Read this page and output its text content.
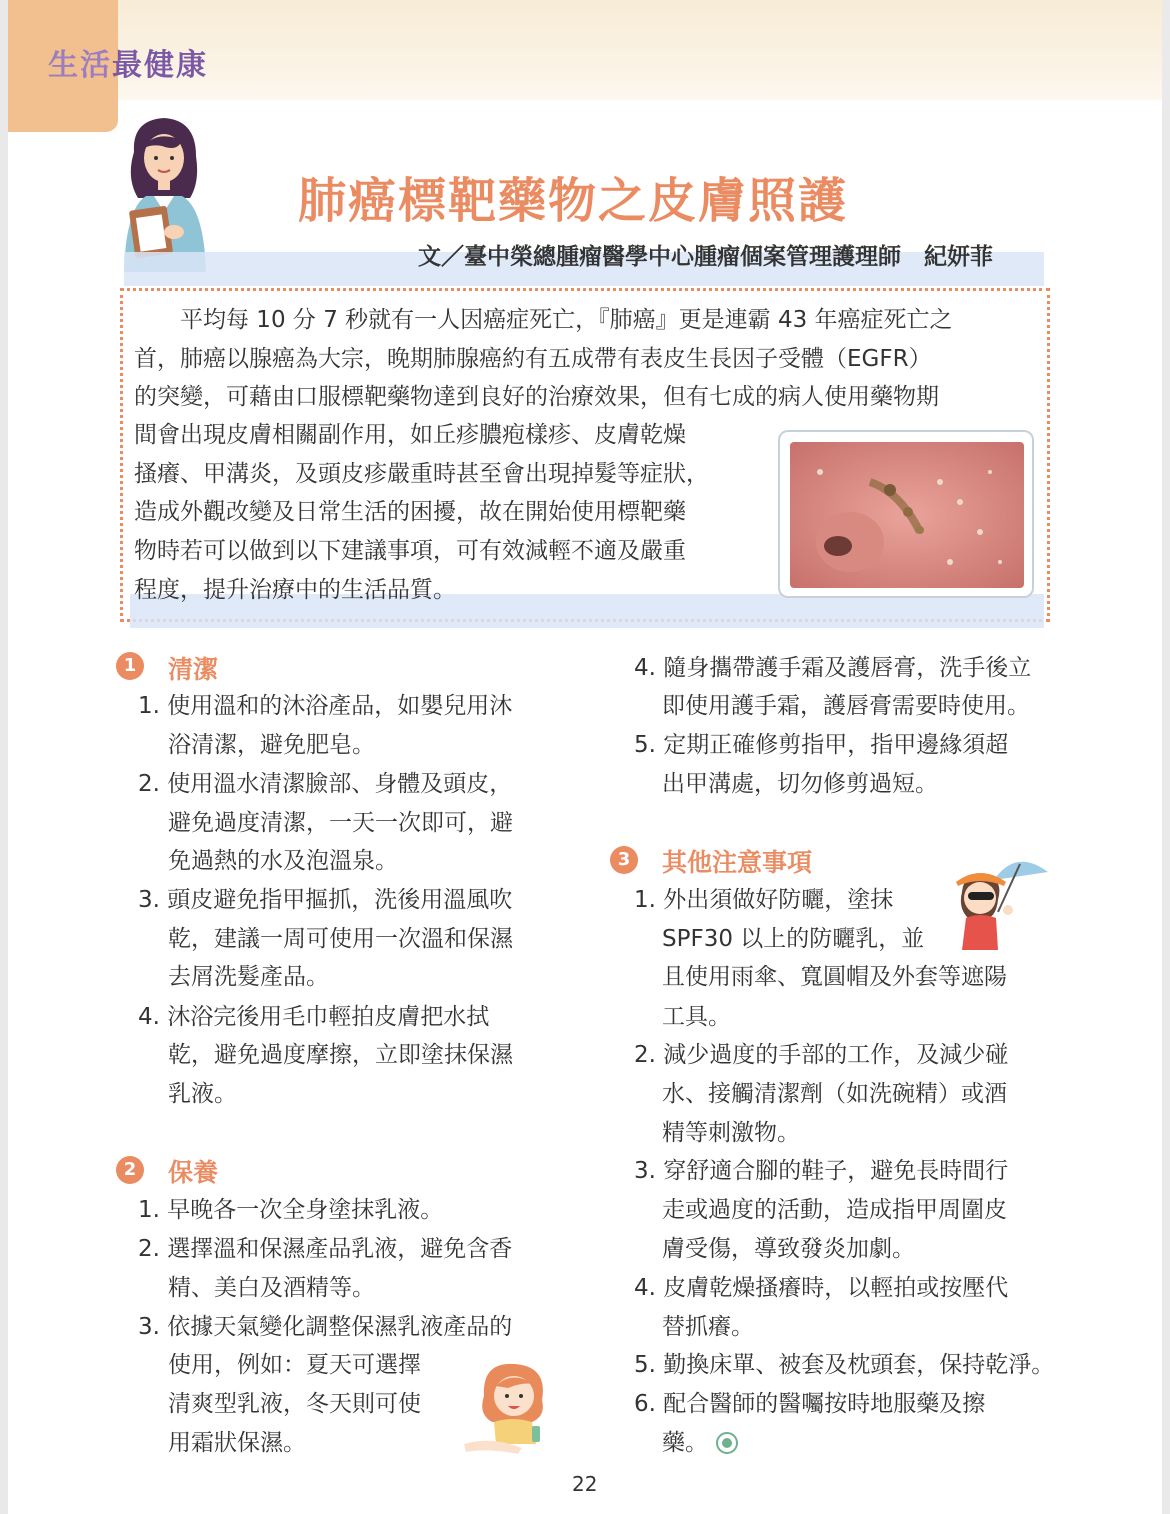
生活最健康
肺癌標靶藥物之皮膚照護
文／臺中榮總腫瘤醫學中心腫瘤個案管理護理師　紀妍菲
　　平均每 10 分 7 秒就有一人因癌症死亡，『肺癌』更是連霸 43 年癌症死亡之
首，肺癌以腺癌為大宗，晚期肺腺癌約有五成帶有表皮生長因子受體（EGFR）
的突變，可藉由口服標靶藥物達到良好的治療效果，但有七成的病人使用藥物期
間會出現皮膚相關副作用，如丘疹膿疱樣疹、皮膚乾燥
搔癢、甲溝炎，及頭皮疹嚴重時甚至會出現掉髮等症狀，
造成外觀改變及日常生活的困擾，故在開始使用標靶藥
物時若可以做到以下建議事項，可有效減輕不適及嚴重
程度，提升治療中的生活品質。
1	清潔
1. 使用溫和的沐浴產品，如嬰兒用沐
浴清潔，避免肥皂。
2. 使用溫水清潔臉部、身體及頭皮，
避免過度清潔，一天一次即可，避
免過熱的水及泡溫泉。
3. 頭皮避免指甲摳抓，洗後用溫風吹
乾，建議一周可使用一次溫和保濕
去屑洗髮產品。
4. 沐浴完後用毛巾輕拍皮膚把水拭
乾，避免過度摩擦，立即塗抹保濕
乳液。
2	保養
1. 早晚各一次全身塗抹乳液。
2. 選擇溫和保濕產品乳液，避免含香
精、美白及酒精等。
3. 依據天氣變化調整保濕乳液產品的
使用，例如：夏天可選擇
清爽型乳液，冬天則可使
用霜狀保濕。
4. 隨身攜帶護手霜及護唇膏，洗手後立
即使用護手霜，護唇膏需要時使用。
5. 定期正確修剪指甲，指甲邊緣須超
出甲溝處，切勿修剪過短。
3	其他注意事項
1. 外出須做好防曬，塗抹
SPF30 以上的防曬乳，並
且使用雨傘、寬圓帽及外套等遮陽
工具。
2. 減少過度的手部的工作，及減少碰
水、接觸清潔劑（如洗碗精）或酒
精等刺激物。
3. 穿舒適合腳的鞋子，避免長時間行
走或過度的活動，造成指甲周圍皮
膚受傷，導致發炎加劇。
4. 皮膚乾燥搔癢時，以輕拍或按壓代
替抓癢。
5. 勤換床單、被套及枕頭套，保持乾淨。
6. 配合醫師的醫囑按時地服藥及擦
藥。
22
